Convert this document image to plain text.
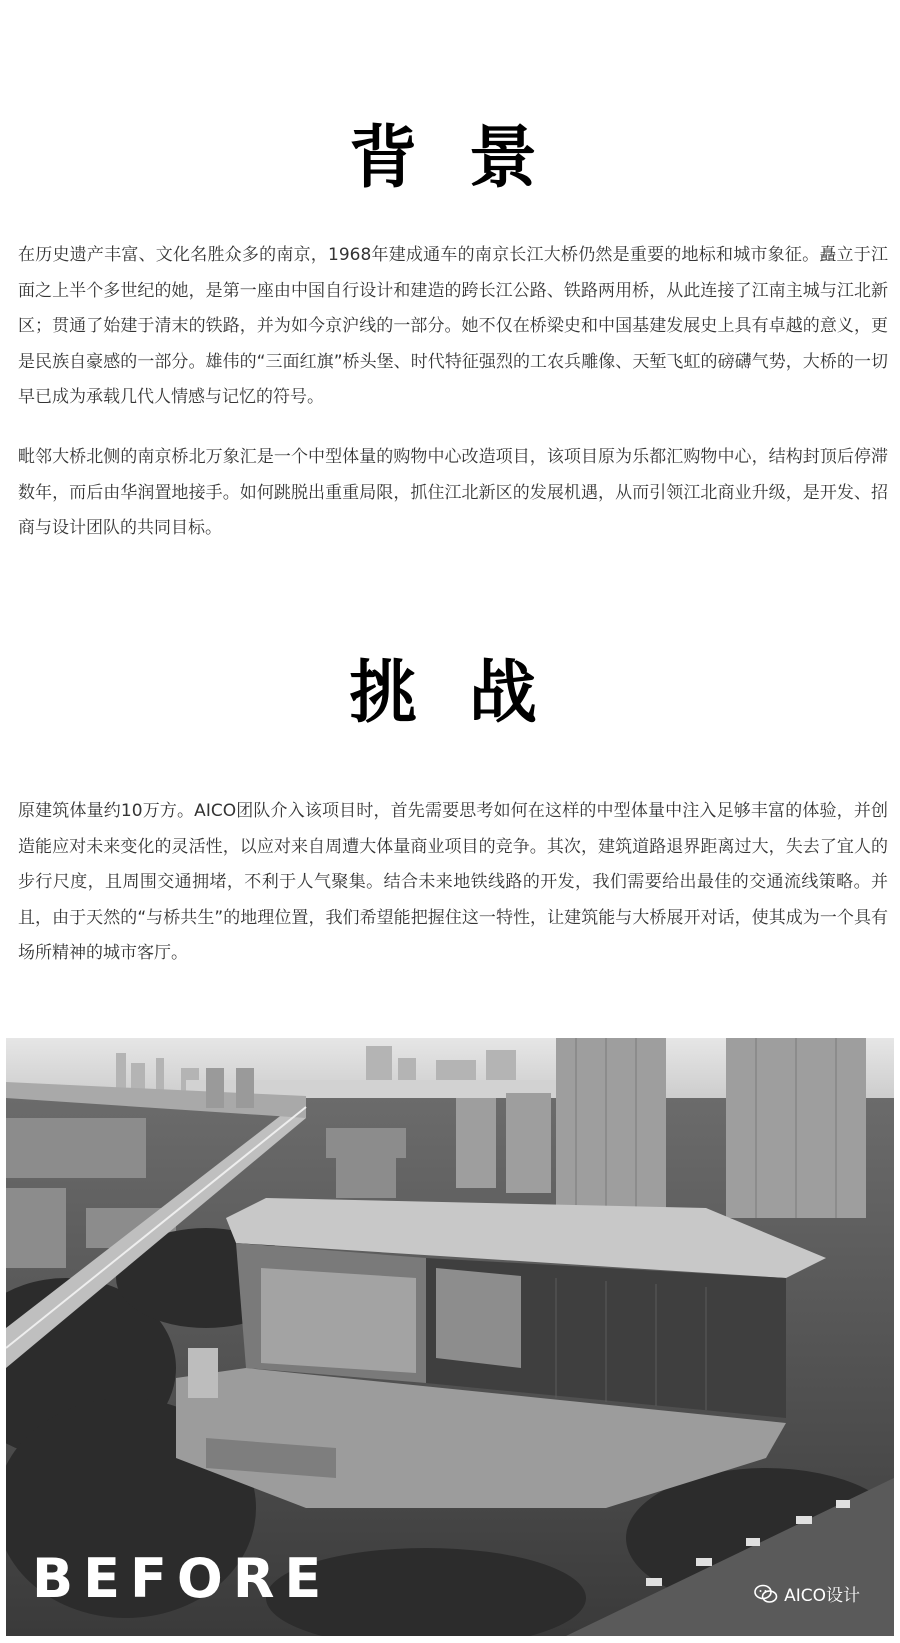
背 景

在历史遗产丰富、文化名胜众多的南京，1968年建成通车的南京长江大桥仍然是重要的地标和城市象征。矗立于江面之上半个多世纪的她，是第一座由中国自行设计和建造的跨长江公路、铁路两用桥，从此连接了江南主城与江北新区；贯通了始建于清末的铁路，并为如今京沪线的一部分。她不仅在桥梁史和中国基建发展史上具有卓越的意义，更是民族自豪感的一部分。雄伟的“三面红旗”桥头堡、时代特征强烈的工农兵雕像、天堑飞虹的磅礴气势，大桥的一切早已成为承载几代人情感与记忆的符号。

毗邻大桥北侧的南京桥北万象汇是一个中型体量的购物中心改造项目，该项目原为乐都汇购物中心，结构封顶后停滞数年，而后由华润置地接手。如何跳脱出重重局限，抓住江北新区的发展机遇，从而引领江北商业升级，是开发、招商与设计团队的共同目标。

挑 战

原建筑体量约10万方。AICO团队介入该项目时，首先需要思考如何在这样的中型体量中注入足够丰富的体验，并创造能应对未来变化的灵活性，以应对来自周遭大体量商业项目的竞争。其次，建筑道路退界距离过大，失去了宜人的步行尺度，且周围交通拥堵，不利于人气聚集。结合未来地铁线路的开发，我们需要给出最佳的交通流线策略。并且，由于天然的“与桥共生”的地理位置，我们希望能把握住这一特性，让建筑能与大桥展开对话，使其成为一个具有场所精神的城市客厅。

BEFORE	AICO设计
